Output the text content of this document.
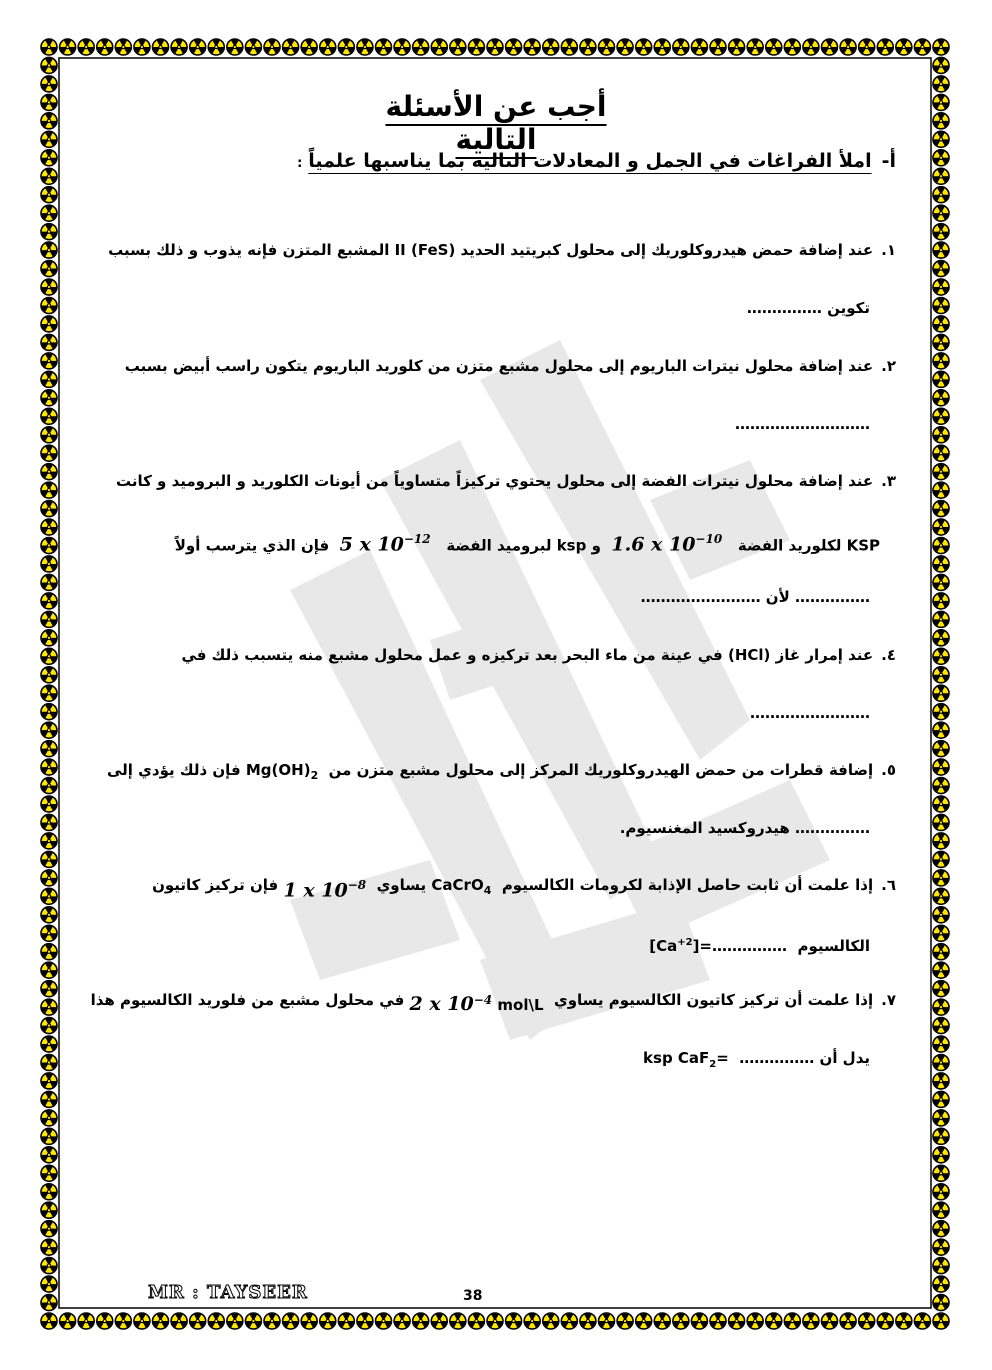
أجب عن الأسئلة التالية
أ-املأ الفراغات في الجمل و المعادلات التالية بما يناسبها علمياً:
١.
عند إضافة حمض هيدروكلوريك إلى محلول كبريتيد الحديد II (FeS) المشبع المتزن فإنه يذوب و ذلك بسبب
تكوين ……………
٢.
عند إضافة محلول نيترات الباريوم إلى محلول مشبع متزن من كلوريد الباريوم يتكون راسب أبيض بسبب
………………………
٣.
عند إضافة محلول نيترات الفضة إلى محلول يحتوي تركيزاً متساوياً من أيونات الكلوريد و البروميد و كانت
KSP لكلوريد الفضة   1.6 x $10^{-10}$  و ksp لبروميد الفضة   5 x $10^{-12}$  فإن الذي يترسب أولاً
…………… لأن ……………………
٤.
عند إمرار غاز (HCl) في عينة من ماء البحر بعد تركيزه و عمل محلول مشبع منه يتسبب ذلك في
……………………
٥.
إضافة قطرات من حمض الهيدروكلوريك المركز إلى محلول مشبع متزن من

$Mg(OH)_2$

فإن ذلك يؤدي إلى
…………… هيدروكسيد المغنسيوم.
٦.
إذا علمت أن ثابت حاصل الإذابة لكرومات الكالسيوم

CaCrO$_4$

يساوي

1 x $10^{-8}$

فإن تركيز كاتيون
الكالسيوم  $[Ca^{+2}]=\dots\dots\dots\dots\dots$
٧.
إذا علمت أن تركيز كاتيون الكالسيوم يساوي

2 x $10^{-4}$ mol\L

في محلول مشبع من فلوريد الكالسيوم هذا
يدل أن ……………  ksp CaF$_2$=
MR : TAYSEER	38
